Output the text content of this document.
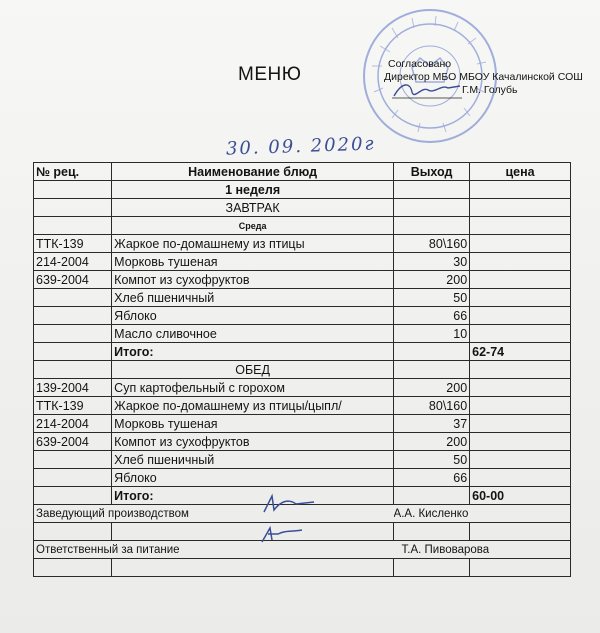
МЕНЮ	Согласовано
Директор МБО МБОУ Качалинской СОШ
Г.М. Голубь
30. 09. 2020г
№ рец.	Наименование блюд	Выход	цена
	1 неделя		
	ЗАВТРАК		
	Среда		
ТТК-139	Жаркое по-домашнему из птицы	80\160	
214-2004	Морковь тушеная	30	
639-2004	Компот из сухофруктов	200	
	Хлеб пшеничный	50	
	Яблоко	66	
	Масло сливочное	10	
	Итого:		62-74
	ОБЕД		
139-2004	Суп картофельный с горохом	200	
ТТК-139	Жаркое по-домашнему из птицы/цыпл/	80\160	
214-2004	Морковь тушеная	37	
639-2004	Компот из сухофруктов	200	
	Хлеб пшеничный	50	
	Яблоко	66	
	Итого:		60-00
Заведующий производством		А.А. Кисленко	

Ответственный за питание		Т.А. Пивоварова	
